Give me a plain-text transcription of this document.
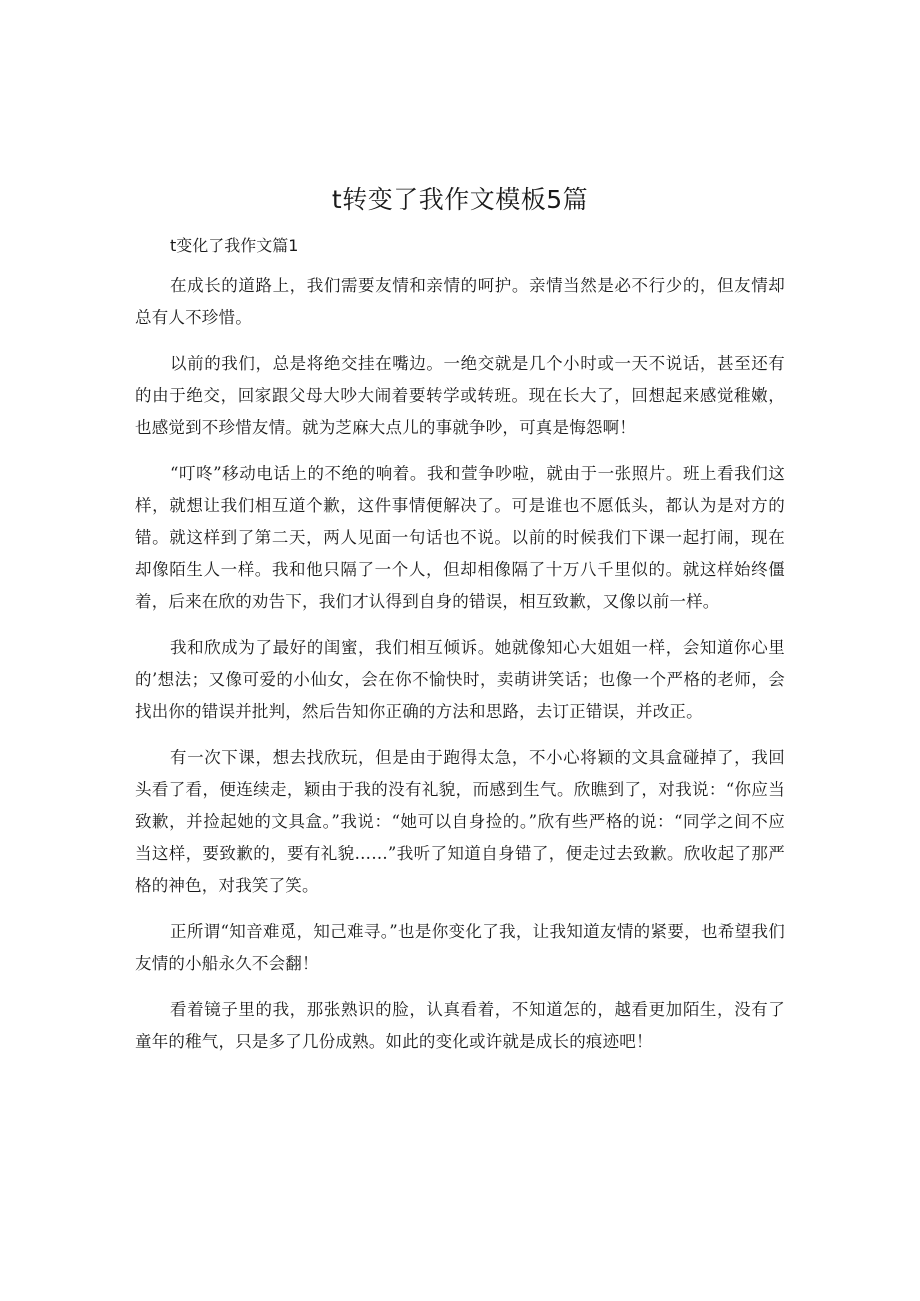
t转变了我作文模板5篇
t变化了我作文篇1

在成长的道路上，我们需要友情和亲情的呵护。亲情当然是必不行少的，但友情却总有人不珍惜。

以前的我们，总是将绝交挂在嘴边。一绝交就是几个小时或一天不说话，甚至还有的由于绝交，回家跟父母大吵大闹着要转学或转班。现在长大了，回想起来感觉稚嫩，也感觉到不珍惜友情。就为芝麻大点儿的事就争吵，可真是悔怨啊！

“叮咚”移动电话上的不绝的响着。我和萱争吵啦，就由于一张照片。班上看我们这样，就想让我们相互道个歉，这件事情便解决了。可是谁也不愿低头，都认为是对方的错。就这样到了第二天，两人见面一句话也不说。以前的时候我们下课一起打闹，现在却像陌生人一样。我和他只隔了一个人，但却相像隔了十万八千里似的。就这样始终僵着，后来在欣的劝告下，我们才认得到自身的错误，相互致歉，又像以前一样。

我和欣成为了最好的闺蜜，我们相互倾诉。她就像知心大姐姐一样，会知道你心里的’想法；又像可爱的小仙女，会在你不愉快时，卖萌讲笑话；也像一个严格的老师，会找出你的错误并批判，然后告知你正确的方法和思路，去订正错误，并改正。

有一次下课，想去找欣玩，但是由于跑得太急，不小心将颖的文具盒碰掉了，我回头看了看，便连续走，颖由于我的没有礼貌，而感到生气。欣瞧到了，对我说：“你应当致歉，并捡起她的文具盒。”我说：“她可以自身捡的。”欣有些严格的说：“同学之间不应当这样，要致歉的，要有礼貌……”我听了知道自身错了，便走过去致歉。欣收起了那严格的神色，对我笑了笑。

正所谓“知音难觅，知己难寻。”也是你变化了我，让我知道友情的紧要，也希望我们友情的小船永久不会翻！

看着镜子里的我，那张熟识的脸，认真看着，不知道怎的，越看更加陌生，没有了童年的稚气，只是多了几份成熟。如此的变化或许就是成长的痕迹吧！
